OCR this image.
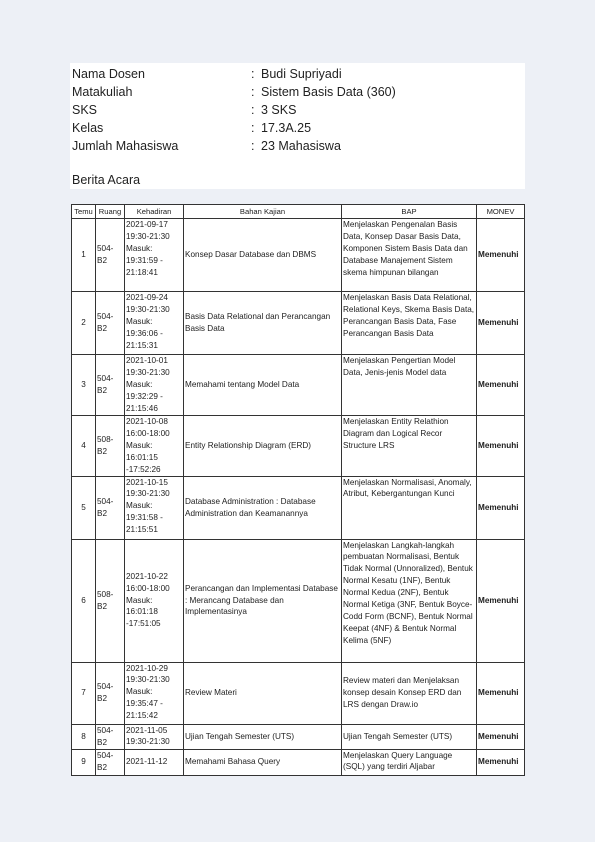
Nama Dosen	: Budi Supriyadi
Matakuliah	: Sistem Basis Data (360)
SKS	: 3 SKS
Kelas	: 17.3A.25
Jumlah Mahasiswa	: 23 Mahasiswa
Berita Acara
Temu	Ruang	Kehadiran	Bahan Kajian	BAP	MONEV
1	504-B2	2021-09-17 19:30-21:30 Masuk: 19:31:59 - 21:18:41	Konsep Dasar Database dan DBMS	Menjelaskan Pengenalan Basis Data, Konsep Dasar Basis Data, Komponen Sistem Basis Data dan Database Manajement Sistem skema himpunan bilangan	Memenuhi
2	504-B2	2021-09-24 19:30-21:30 Masuk: 19:36:06 - 21:15:31	Basis Data Relational dan Perancangan Basis Data	Menjelaskan Basis Data Relational, Relational Keys, Skema Basis Data, Perancangan Basis Data, Fase Perancangan Basis Data	Memenuhi
3	504-B2	2021-10-01 19:30-21:30 Masuk: 19:32:29 - 21:15:46	Memahami tentang Model Data	Menjelaskan Pengertian Model Data, Jenis-jenis Model data	Memenuhi
4	508-B2	2021-10-08 16:00-18:00 Masuk: 16:01:15 -17:52:26	Entity Relationship Diagram (ERD)	Menjelaskan Entity Relathion Diagram dan Logical Recor Structure LRS	Memenuhi
5	504-B2	2021-10-15 19:30-21:30 Masuk: 19:31:58 - 21:15:51	Database Administration : Database Administration dan Keamanannya	Menjelaskan Normalisasi, Anomaly, Atribut, Kebergantungan Kunci	Memenuhi
6	508-B2	2021-10-22 16:00-18:00 Masuk: 16:01:18 -17:51:05	Perancangan dan Implementasi Database : Merancang Database dan Implementasinya	Menjelaskan Langkah-langkah pembuatan Normalisasi, Bentuk Tidak Normal (Unnoralized), Bentuk Normal Kesatu (1NF), Bentuk Normal Kedua (2NF), Bentuk Normal Ketiga (3NF, Bentuk Boyce-Codd Form (BCNF), Bentuk Normal Keepat (4NF) & Bentuk Normal Kelima (5NF)	Memenuhi
7	504-B2	2021-10-29 19:30-21:30 Masuk: 19:35:47 - 21:15:42	Review Materi	Review materi dan Menjelaksan konsep desain Konsep ERD dan LRS dengan Draw.io	Memenuhi
8	504-B2	2021-11-05 19:30-21:30	Ujian Tengah Semester (UTS)	Ujian Tengah Semester (UTS)	Memenuhi
9	504-B2	2021-11-12	Memahami Bahasa Query	Menjelaskan Query Language (SQL) yang terdiri Aljabar	Memenuhi
